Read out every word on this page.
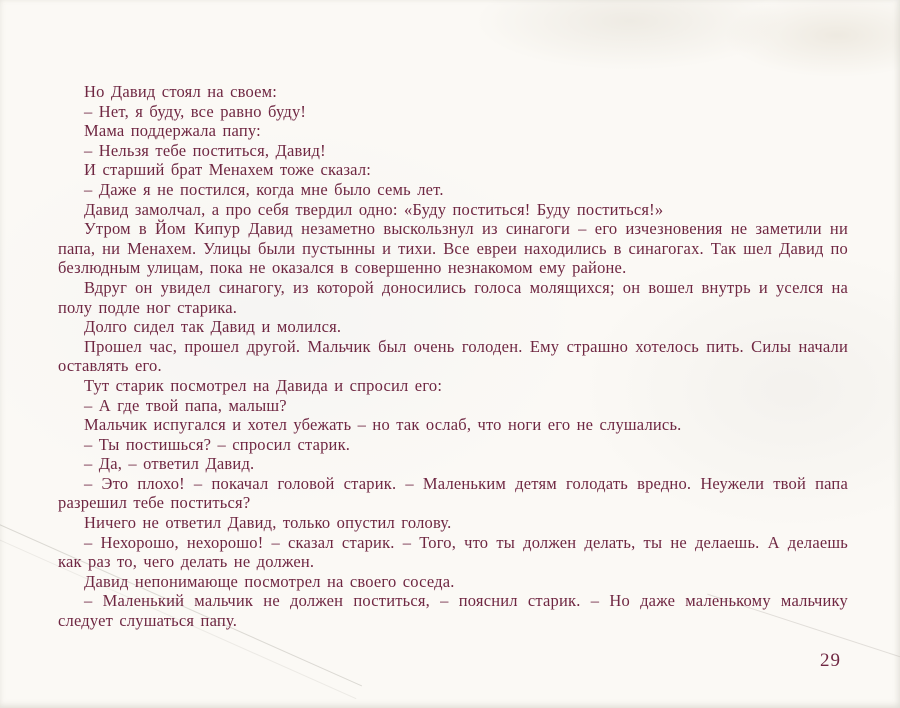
Но Давид стоял на своем:

– Нет, я буду, все равно буду!

Мама поддержала папу:

– Нельзя тебе поститься, Давид!

И старший брат Менахем тоже сказал:

– Даже я не постился, когда мне было семь лет.

Давид замолчал, а про себя твердил одно: «Буду поститься! Буду поститься!»

Утром в Йом Кипур Давид незаметно выскользнул из синагоги – его изчезновения не заметили ни папа, ни Менахем. Улицы были пустынны и тихи. Все евреи находились в синагогах. Так шел Давид по безлюдным улицам, пока не оказался в совершенно незнакомом ему районе.

Вдруг он увидел синагогу, из которой доносились голоса молящихся; он вошел внутрь и уселся на полу подле ног старика.

Долго сидел так Давид и молился.

Прошел час, прошел другой. Мальчик был очень голоден. Ему страшно хотелось пить. Силы начали оставлять его.

Тут старик посмотрел на Давида и спросил его:

– А где твой папа, малыш?

Мальчик испугался и хотел убежать – но так ослаб, что ноги его не слушались.

– Ты постишься? – спросил старик.

– Да, – ответил Давид.

– Это плохо! – покачал головой старик. – Маленьким детям голодать вредно. Неужели твой папа разрешил тебе поститься?

Ничего не ответил Давид, только опустил голову.

– Нехорошо, нехорошо! – сказал старик. – Того, что ты должен делать, ты не делаешь. А делаешь как раз то, чего делать не должен.

Давид непонимающе посмотрел на своего соседа.

– Маленький мальчик не должен поститься, – пояснил старик. – Но даже маленькому мальчику следует слушаться папу.

29
